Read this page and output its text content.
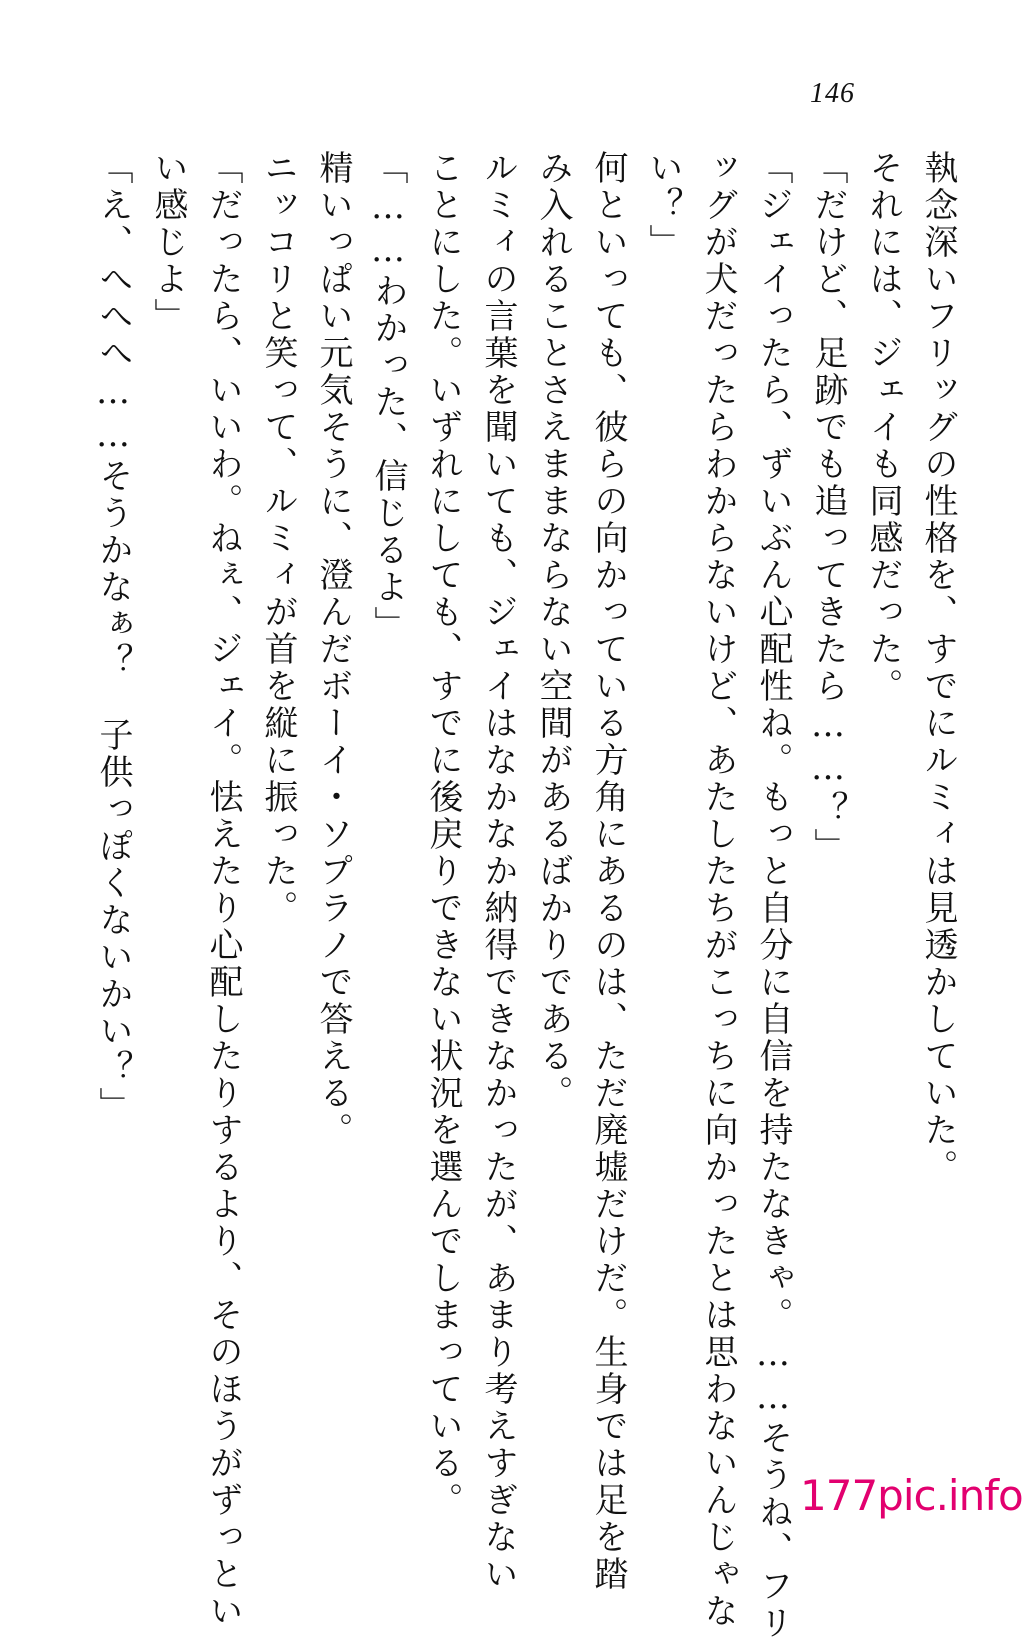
146
執念深いフリッグの性格を、すでにルミィは見透かしていた。
それには、ジェイも同感だった。
「だけど、足跡でも追ってきたら……？」
「ジェイったら、ずいぶん心配性ね。もっと自分に自信を持たなきゃ。……そうね、フリ
ッグが犬だったらわからないけど、あたしたちがこっちに向かったとは思わないんじゃな
い？」
何といっても、彼らの向かっている方角にあるのは、ただ廃墟だけだ。生身では足を踏
み入れることさえままならない空間があるばかりである。
ルミィの言葉を聞いても、ジェイはなかなか納得できなかったが、あまり考えすぎない
ことにした。いずれにしても、すでに後戻りできない状況を選んでしまっている。
「……わかった、信じるよ」
精いっぱい元気そうに、澄んだボーイ・ソプラノで答える。
ニッコリと笑って、ルミィが首を縦に振った。
「だったら、いいわ。ねぇ、ジェイ。怯えたり心配したりするより、そのほうがずっとい
い感じよ」
「え、へへへ……そうかなぁ？　子供っぽくないかい？」
177pic.info
